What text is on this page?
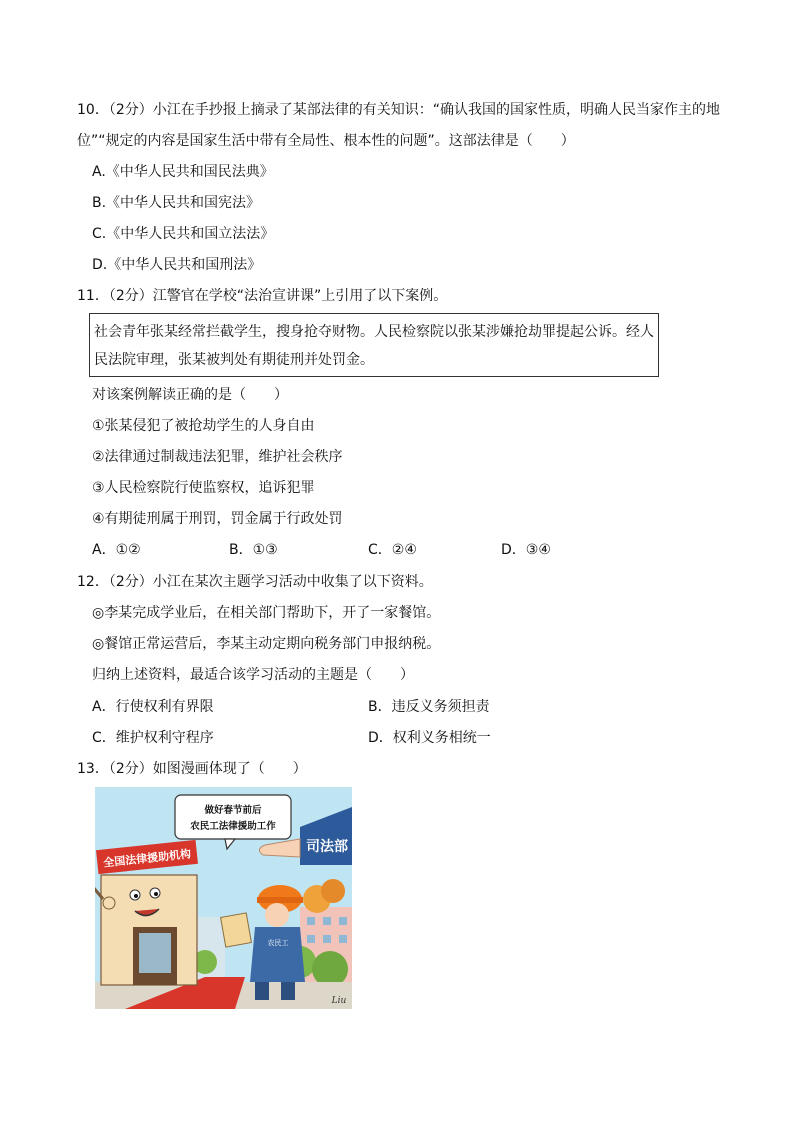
10．（2分）小江在手抄报上摘录了某部法律的有关知识：“确认我国的国家性质，明确人民当家作主的地
位”“规定的内容是国家生活中带有全局性、根本性的问题”。这部法律是（　　）
A.《中华人民共和国民法典》
B.《中华人民共和国宪法》
C.《中华人民共和国立法法》
D.《中华人民共和国刑法》
11．（2分）江警官在学校“法治宣讲课”上引用了以下案例。
社会青年张某经常拦截学生，搜身抢夺财物。人民检察院以张某涉嫌抢劫罪提起公诉。经人
民法院审理，张某被判处有期徒刑并处罚金。
对该案例解读正确的是（　　）
①张某侵犯了被抢劫学生的人身自由
②法律通过制裁违法犯罪，维护社会秩序
③人民检察院行使监察权，追诉犯罪
④有期徒刑属于刑罚，罚金属于行政处罚
A．①②	B．①③	C．②④	D．③④
12．（2分）小江在某次主题学习活动中收集了以下资料。
◎李某完成学业后，在相关部门帮助下，开了一家餐馆。
◎餐馆正常运营后，李某主动定期向税务部门申报纳税。
归纳上述资料，最适合该学习活动的主题是（　　）
A．行使权利有界限	B．违反义务须担责
C．维护权利守程序	D．权利义务相统一
13．（2分）如图漫画体现了（　　）
全国法律援助机构
做好春节前后
农民工法律援助工作
司法部
农民工
Liu
